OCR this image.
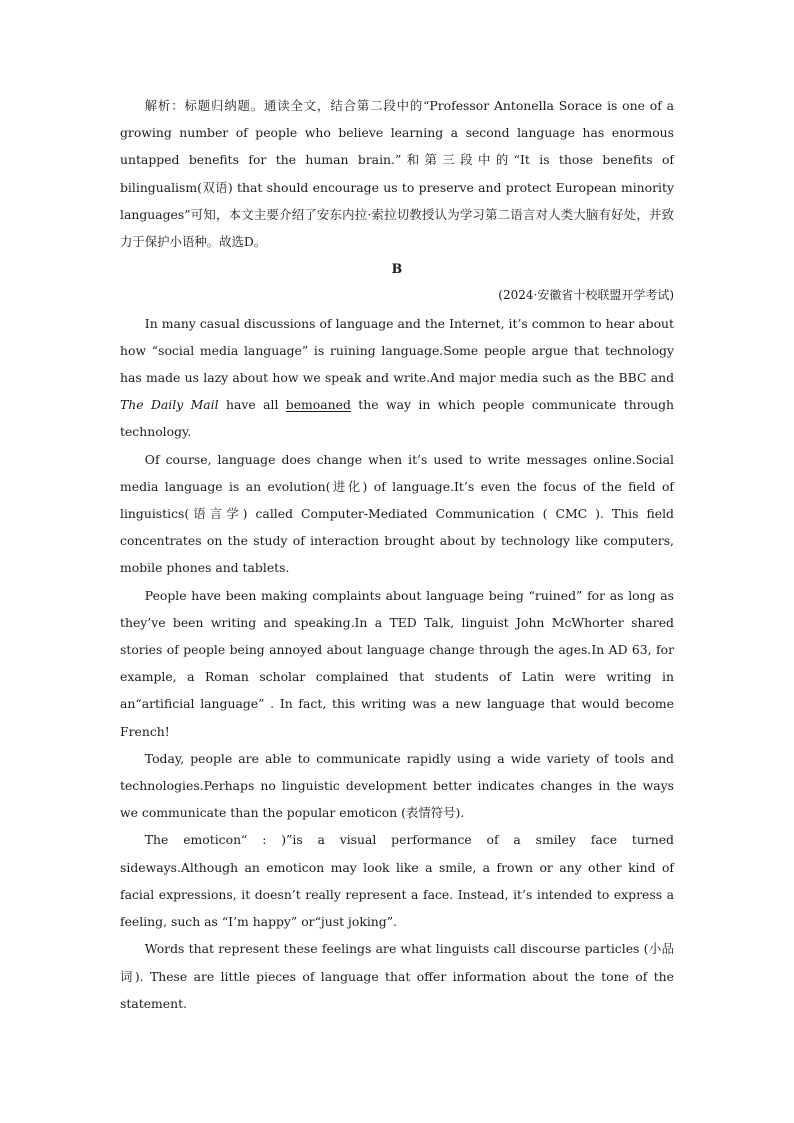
解析：标题归纳题。通读全文，结合第二段中的“Professor Antonella Sorace is one of a growing number of people who believe learning a second language has enormous untapped benefits for the human brain.”和第三段中的“It is those benefits of bilingualism(双语) that should encourage us to preserve and protect European minority languages”可知，本文主要介绍了安东内拉·索拉切教授认为学习第二语言对人类大脑有好处，并致力于保护小语种。故选D。

B

(2024·安徽省十校联盟开学考试)

In many casual discussions of language and the Internet, it’s common to hear about how “social media language” is ruining language.Some people argue that technology has made us lazy about how we speak and write.And major media such as the BBC and The Daily Mail have all bemoaned the way in which people communicate through technology.

Of course, language does change when it’s used to write messages online.Social media language is an evolution(进化) of language.It’s even the focus of the field of linguistics(语言学) called Computer-Mediated Communication ( CMC ). This field concentrates on the study of interaction brought about by technology like computers, mobile phones and tablets.

People have been making complaints about language being “ruined” for as long as they’ve been writing and speaking.In a TED Talk, linguist John McWhorter shared stories of people being annoyed about language change through the ages.In AD 63, for example, a Roman scholar complained that students of Latin were writing in an“artificial language” . In fact, this writing was a new language that would become French!

Today, people are able to communicate rapidly using a wide variety of tools and technologies.Perhaps no linguistic development better indicates changes in the ways we communicate than the popular emoticon (表情符号).

The emoticon“ : )”is a visual performance of a smiley face turned sideways.Although an emoticon may look like a smile, a frown or any other kind of facial expressions, it doesn’t really represent a face. Instead, it’s intended to express a feeling, such as “I’m happy” or“just joking”.

Words that represent these feelings are what linguists call discourse particles (小品词). These are little pieces of language that offer information about the tone of the statement.
